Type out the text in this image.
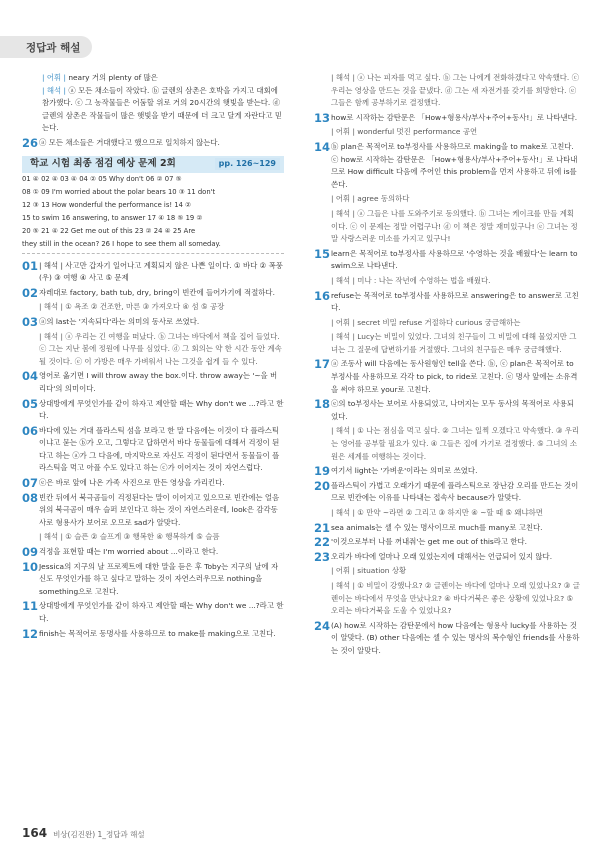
정답과 해설
| 어휘 | neary 거의 plenty of 많은
| 해석 | ⓐ 모든 채소들이 작았다. ⓑ 글렌의 삼촌은 호박을 가지고 대회에 참가했다. ⓒ 그 농작물들은 어둠할 위로 거의 20시간의 햇빛을 받는다. ⓓ 글렌의 삼촌은 작물들이 많은 햇빛을 받기 때문에 더 크고 달게 자란다고 믿는다.
26 ⓐ 모든 채소들은 거대했다고 했으므로 일치하지 않는다.
학교 시험 최종 점검 예상 문제 2회	pp. 126~129
01 ④ 02 ④ 03 ④ 04 ② 05 Why don't 06 ② 07 ⑤
08 ① 09 I'm worried about the polar bears 10 ③ 11 don't
12 ③ 13 How wonderful the performance is! 14 ②
15 to swim 16 answering, to answer 17 ④ 18 ⑤ 19 ②
20 ⑤ 21 ④ 22 Get me out of this 23 ② 24 ④ 25 Are
they still in the ocean? 26 I hope to see them all someday.
01 | 해석 | 사고만 갑자기 일어나고 계획되지 않은 나쁜 일이다. ① 바다 ② 폭풍(우) ③ 여행 ④ 사고 ⑤ 문제
02 자레대로 factory, bath tub, dry, bring이 빈칸에 들어가기에 적절하다.
| 해석 | ① 욕조 ② 건조한, 마른 ③ 가져오다 ④ 섬 ⑤ 공장
03 ⓐ의 last는 '지속되다'라는 의미의 동사로 쓰였다.
| 해석 | ⓐ 우리는 긴 여행을 떠났다. ⓑ 그녀는 바닥에서 책을 집어 들었다. ⓒ 그는 지난 봄에 정원에 나무를 심었다. ⓓ 그 회의는 약 한 시간 동안 계속될 것이다. ⓔ 이 가방은 매우 가벼워서 나는 그것을 쉽게 들 수 있다.
04 영어로 옮기면 I will throw away the box.이다. throw away는 '~을 버리다'의 의미이다.
05 상대방에게 무엇인가를 같이 하자고 제안할 때는 Why don't we ...?라고 한다.
06 바다에 있는 거대 플라스틱 섬을 보라고 한 말 다음에는 이것이 다 플라스틱이냐고 묻는 ⓑ가 오고, 그렇다고 답하면서 바다 동물들에 대해서 걱정이 된다고 하는 ⓐ가 그 다음에, 마지막으로 자신도 걱정이 된다면서 동물들이 플라스틱을 먹고 아플 수도 있다고 하는 ⓒ가 이어지는 것이 자연스럽다.
07 ⓔ은 바로 앞에 나온 가족 사진으로 만든 영상을 가리킨다.
08 빈칸 뒤에서 북극곰들이 걱정된다는 말이 이어지고 있으므로 빈칸에는 얼음 위의 북극곰이 매우 슬퍼 보인다고 하는 것이 자연스러운데, look은 감각동사로 형용사가 보어로 오므로 sad가 알맞다.
| 해석 | ① 슬픈 ② 슬프게 ③ 행복한 ④ 행복하게 ⑤ 슬픔
09 걱정을 표현할 때는 I'm worried about ...이라고 한다.
10 Jessica의 지구의 날 프로젝트에 대한 말을 듣은 후 Toby는 지구의 날에 자신도 무엇인가를 하고 싶다고 말하는 것이 자연스러우므로 nothing을 something으로 고친다.
11 상대방에게 무엇인가를 같이 하자고 제안할 때는 Why don't we ...?라고 한다.
12 finish는 목적어로 동명사를 사용하므로 to make를 making으로 고친다.
| 해석 | ⓐ 나는 피자를 먹고 싶다. ⓑ 그는 나에게 전화하겠다고 약속했다. ⓒ 우리는 영상을 만드는 것을 끝냈다. ⓓ 그는 새 자전거를 갖기를 희망한다. ⓔ 그들은 함께 공부하기로 결정했다.
13 how로 시작하는 감탄문은 「How+형용사/부사+주어+동사!」로 나타낸다.
| 어휘 | wonderful 멋진 performance 공연
14 ⓑ plan은 목적어로 to부정사를 사용하므로 making을 to make로 고친다. ⓒ how로 시작하는 감탄문은 「How+형용사/부사+주어+동사!」로 나타내므로 How difficult 다음에 주어인 this problem을 먼저 사용하고 뒤에 is를 쓴다.
| 어휘 | agree 동의하다
| 해석 | ⓐ 그들은 나를 도와주기로 동의했다. ⓑ 그녀는 케이크를 만들 계획이다. ⓒ 이 문제는 정말 어렵구나! ⓓ 이 책은 정말 재미있구나! ⓔ 그녀는 정말 사랑스러운 미소를 가지고 있구나!
15 learn은 목적어로 to부정사를 사용하므로 '수영하는 것을 배웠다'는 learn to swim으로 나타낸다.
| 해석 | 미나 : 나는 작년에 수영하는 법을 배웠다.
16 refuse는 목적어로 to부정사를 사용하므로 answering은 to answer로 고친다.
| 어휘 | secret 비밀 refuse 거절하다 curious 궁금해하는
| 해석 | Lucy는 비밀이 있었다. 그녀의 친구들이 그 비밀에 대해 물었지만 그녀는 그 질문에 답변하기를 거절했다. 그녀의 친구들은 매우 궁금해했다.
17 ⓐ 조동사 will 다음에는 동사원형인 tell을 쓴다. ⓑ, ⓒ plan은 목적어로 to부정사를 사용하므로 각각 to pick, to ride로 고친다. ⓔ 명사 앞에는 소유격을 써야 하므로 your로 고친다.
18 ⓔ의 to부정사는 보어로 사용되었고, 나머지는 모두 동사의 목적어로 사용되었다.
| 해석 | ① 나는 점심을 먹고 싶다. ② 그녀는 일찍 오겠다고 약속했다. ③ 우리는 영어를 공부할 필요가 있다. ④ 그들은 집에 가기로 결정했다. ⑤ 그녀의 소원은 세계를 여행하는 것이다.
19 여기서 light는 '가벼운'이라는 의미로 쓰였다.
20 플라스틱이 가볍고 오래가기 때문에 플라스틱으로 장난감 오리를 만드는 것이므로 빈칸에는 이유를 나타내는 접속사 because가 알맞다.
| 해석 | ① 만약 ~라면 ② 그리고 ③ 하지만 ④ ~할 때 ⑤ 왜냐하면
21 sea animals는 셀 수 있는 명사이므로 much를 many로 고친다.
22 '이것으로부터 나를 꺼내줘'는 get me out of this라고 한다.
23 오리가 바다에 얼마나 오래 있었는지에 대해서는 언급되어 있지 않다.
| 어휘 | situation 상황
| 해석 | ① 비밀이 강했나요? ② 글렌이는 바다에 얼마나 오래 있었나요? ③ 글렌이는 바다에서 무엇을 만났나요? ④ 바다거북은 좋은 상황에 있었나요? ⑤ 오리는 바다거북을 도울 수 있었나요?
24 (A) how로 시작하는 감탄문에서 how 다음에는 형용사 lucky를 사용하는 것이 알맞다. (B) other 다음에는 셀 수 있는 명사의 복수형인 friends를 사용하는 것이 알맞다.
164 비상(김진완) 1_정답과 해설
